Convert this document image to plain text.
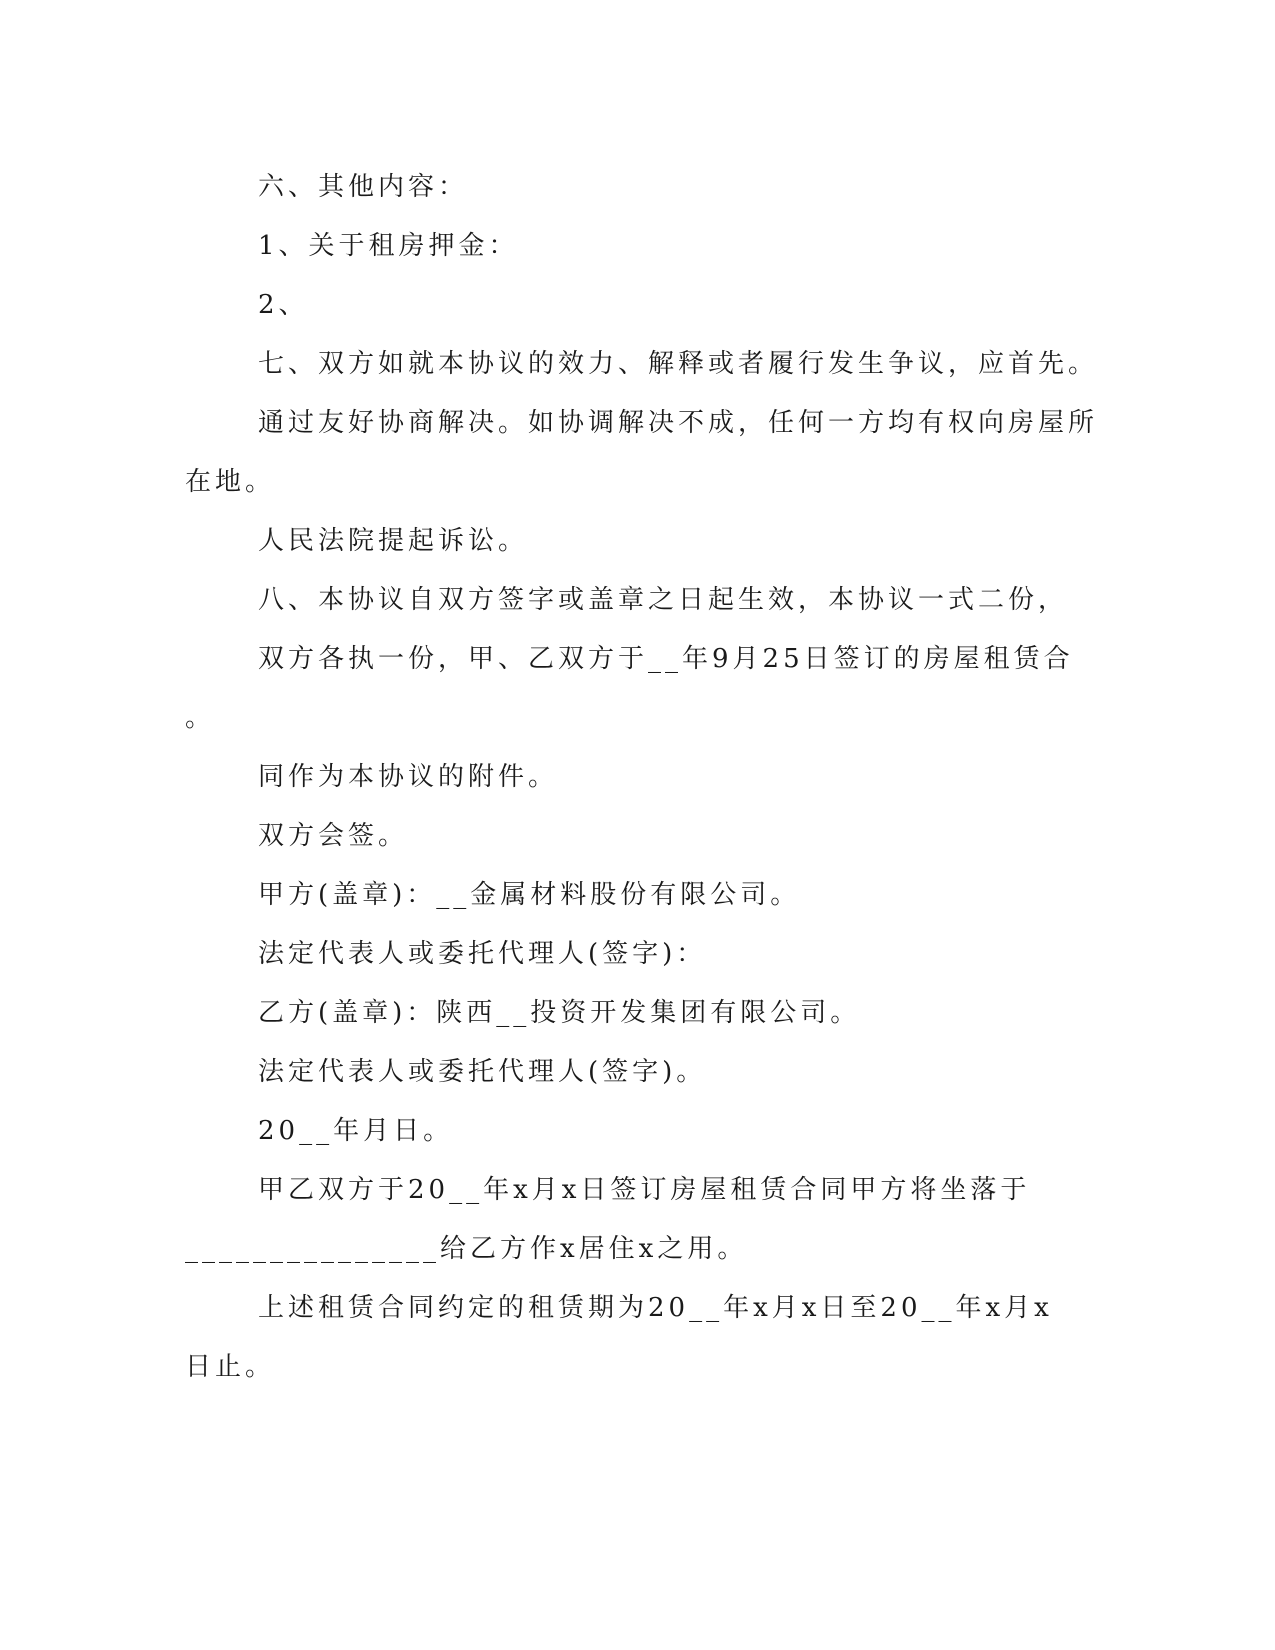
六、其他内容：

1、关于租房押金：

2、

七、双方如就本协议的效力、解释或者履行发生争议，应首先。

通过友好协商解决。如协调解决不成，任何一方均有权向房屋所

在地。

人民法院提起诉讼。

八、本协议自双方签字或盖章之日起生效，本协议一式二份，

双方各执一份，甲、乙双方于__年9月25日签订的房屋租赁合

。

同作为本协议的附件。

双方会签。

甲方(盖章)：__金属材料股份有限公司。

法定代表人或委托代理人(签字)：

乙方(盖章)：陕西__投资开发集团有限公司。

法定代表人或委托代理人(签字)。

20__年月日。

甲乙双方于20__年x月x日签订房屋租赁合同甲方将坐落于

_______________给乙方作x居住x之用。

上述租赁合同约定的租赁期为20__年x月x日至20__年x月x

日止。
